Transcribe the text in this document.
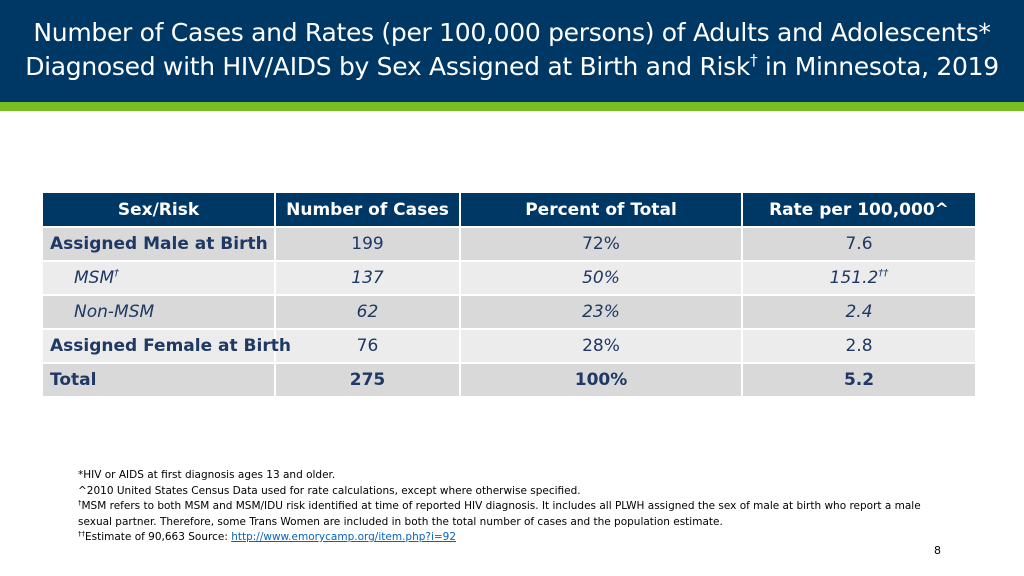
Number of Cases and Rates (per 100,000 persons) of Adults and Adolescents*
Diagnosed with HIV/AIDS by Sex Assigned at Birth and Risk† in Minnesota, 2019
Sex/Risk	Number of Cases	Percent of Total	Rate per 100,000^
Assigned Male at Birth	199	72%	7.6
MSM†	137	50%	151.2††
Non-MSM	62	23%	2.4
Assigned Female at Birth	76	28%	2.8
Total	275	100%	5.2
*HIV or AIDS at first diagnosis ages 13 and older.
^2010 United States Census Data used for rate calculations, except where otherwise specified.
†MSM refers to both MSM and MSM/IDU risk identified at time of reported HIV diagnosis. It includes all PLWH assigned the sex of male at birth who report a male
sexual partner. Therefore, some Trans Women are included in both the total number of cases and the population estimate.
††Estimate of 90,663 Source: http://www.emorycamp.org/item.php?i=92
8
